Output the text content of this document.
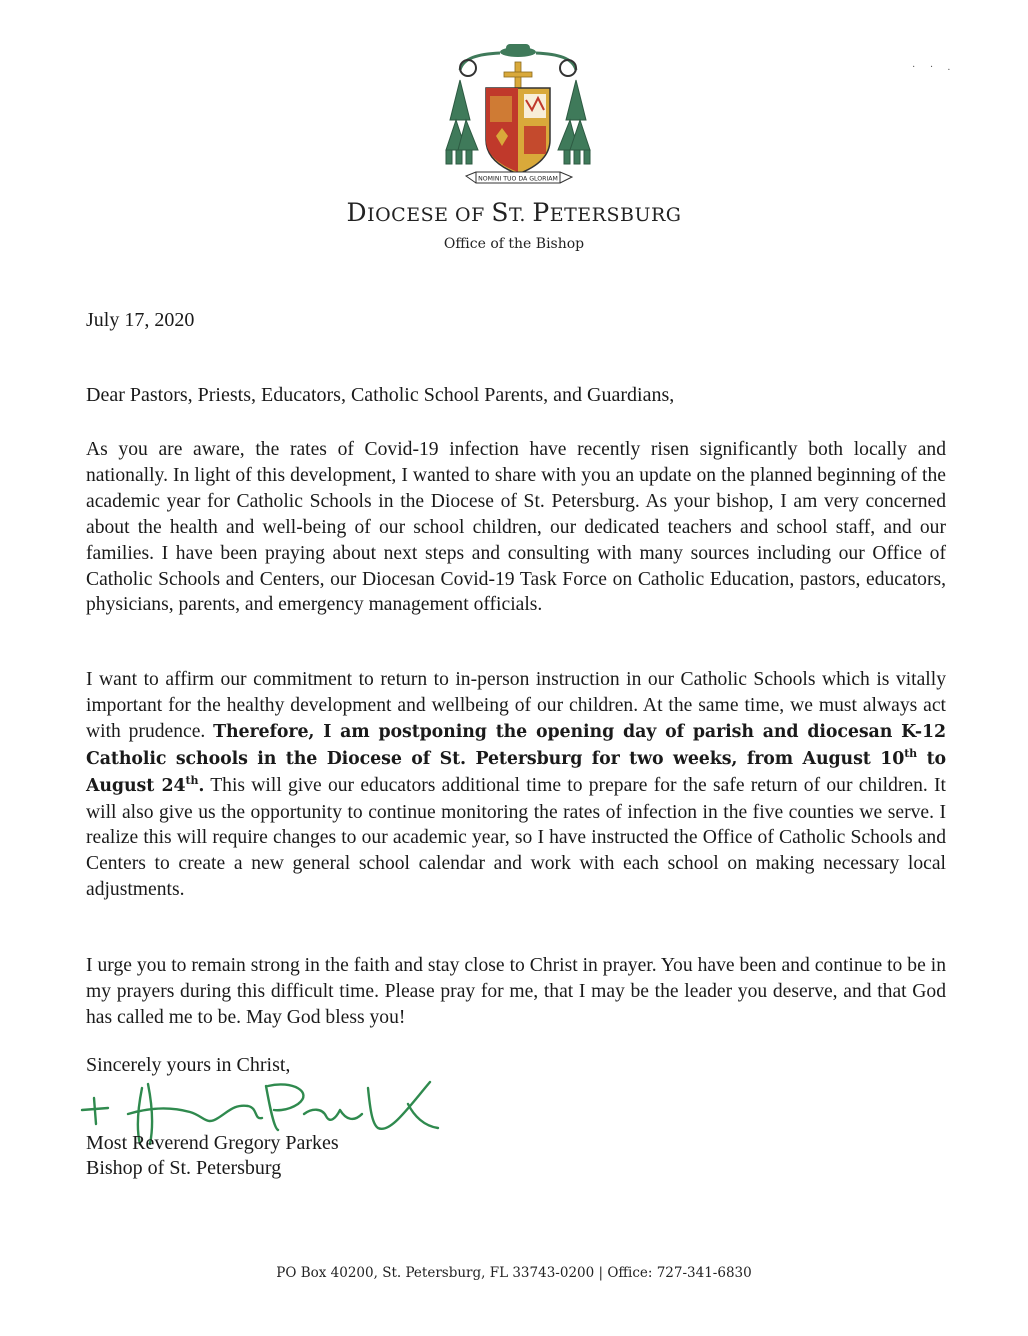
NOMINI TUO DA GLORIAM
· · .
DIOCESE OF ST. PETERSBURG
Office of the Bishop
July 17, 2020
Dear Pastors, Priests, Educators, Catholic School Parents, and Guardians,
As you are aware, the rates of Covid-19 infection have recently risen significantly both locally and nationally. In light of this development, I wanted to share with you an update on the planned beginning of the academic year for Catholic Schools in the Diocese of St. Petersburg. As your bishop, I am very concerned about the health and well-being of our school children, our dedicated teachers and school staff, and our families. I have been praying about next steps and consulting with many sources including our Office of Catholic Schools and Centers, our Diocesan Covid-19 Task Force on Catholic Education, pastors, educators, physicians, parents, and emergency management officials.
I want to affirm our commitment to return to in-person instruction in our Catholic Schools which is vitally important for the healthy development and wellbeing of our children. At the same time, we must always act with prudence. Therefore, I am postponing the opening day of parish and diocesan K-12 Catholic schools in the Diocese of St. Petersburg for two weeks, from August 10th to August 24th. This will give our educators additional time to prepare for the safe return of our children. It will also give us the opportunity to continue monitoring the rates of infection in the five counties we serve. I realize this will require changes to our academic year, so I have instructed the Office of Catholic Schools and Centers to create a new general school calendar and work with each school on making necessary local adjustments.
I urge you to remain strong in the faith and stay close to Christ in prayer. You have been and continue to be in my prayers during this difficult time. Please pray for me, that I may be the leader you deserve, and that God has called me to be. May God bless you!
Sincerely yours in Christ,
Most Reverend Gregory Parkes
Bishop of St. Petersburg
PO Box 40200, St. Petersburg, FL 33743-0200 | Office: 727-341-6830
